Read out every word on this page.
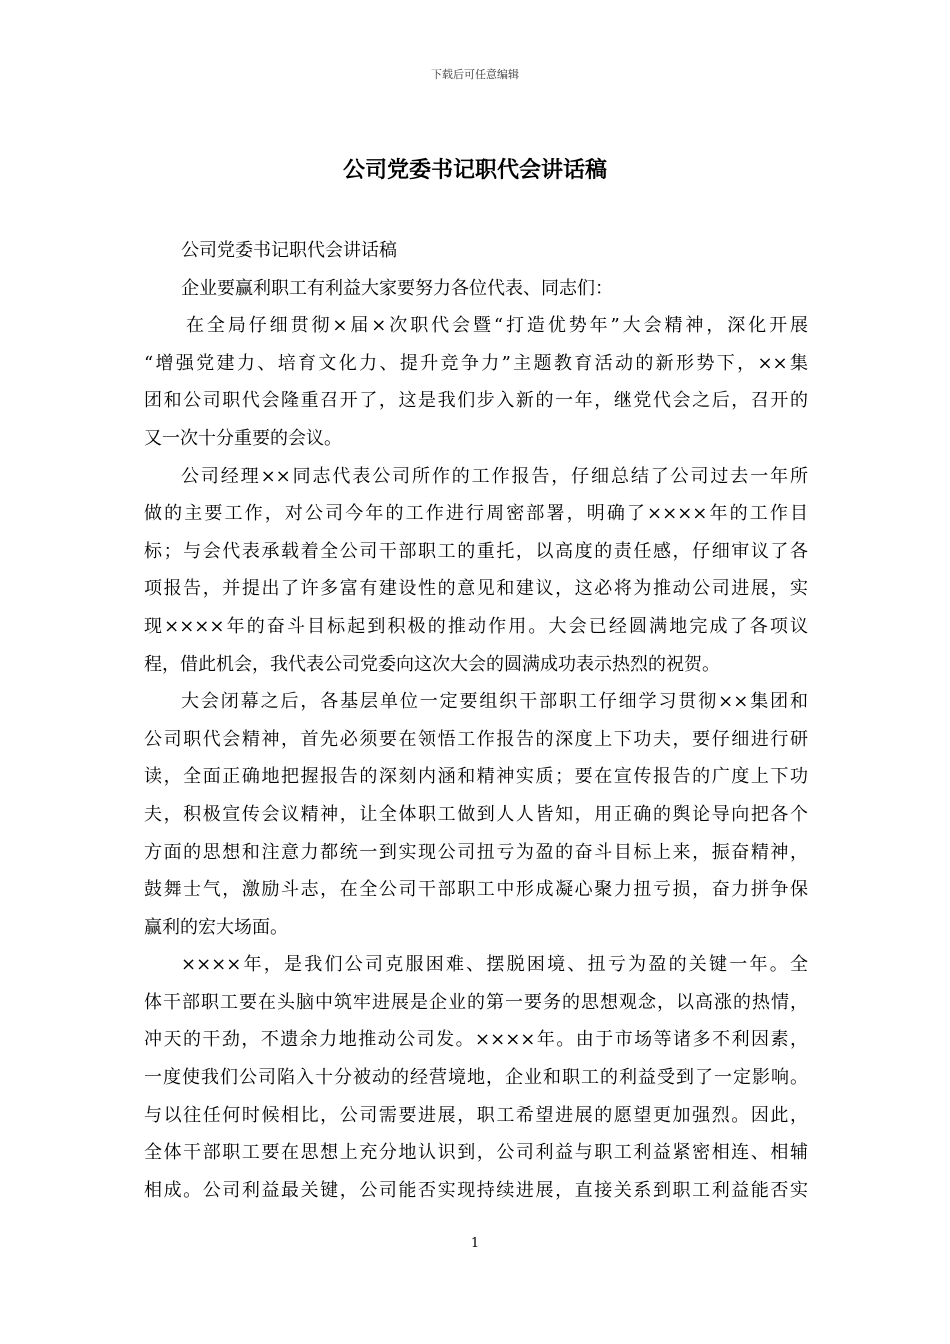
下载后可任意编辑
公司党委书记职代会讲话稿
公司党委书记职代会讲话稿
企业要赢利职工有利益大家要努力各位代表、同志们：
在全局仔细贯彻×届×次职代会暨“打造优势年”大会精神，深化开展
“增强党建力、培育文化力、提升竞争力”主题教育活动的新形势下，××集
团和公司职代会隆重召开了，这是我们步入新的一年，继党代会之后，召开的
又一次十分重要的会议。
公司经理××同志代表公司所作的工作报告，仔细总结了公司过去一年所
做的主要工作，对公司今年的工作进行周密部署，明确了××××年的工作目
标；与会代表承载着全公司干部职工的重托，以高度的责任感，仔细审议了各
项报告，并提出了许多富有建设性的意见和建议，这必将为推动公司进展，实
现××××年的奋斗目标起到积极的推动作用。大会已经圆满地完成了各项议
程，借此机会，我代表公司党委向这次大会的圆满成功表示热烈的祝贺。
大会闭幕之后，各基层单位一定要组织干部职工仔细学习贯彻××集团和
公司职代会精神，首先必须要在领悟工作报告的深度上下功夫，要仔细进行研
读，全面正确地把握报告的深刻内涵和精神实质；要在宣传报告的广度上下功
夫，积极宣传会议精神，让全体职工做到人人皆知，用正确的舆论导向把各个
方面的思想和注意力都统一到实现公司扭亏为盈的奋斗目标上来，振奋精神，
鼓舞士气，激励斗志，在全公司干部职工中形成凝心聚力扭亏损，奋力拼争保
赢利的宏大场面。
××××年，是我们公司克服困难、摆脱困境、扭亏为盈的关键一年。全
体干部职工要在头脑中筑牢进展是企业的第一要务的思想观念，以高涨的热情，
冲天的干劲，不遗余力地推动公司发。××××年。由于市场等诸多不利因素，
一度使我们公司陷入十分被动的经营境地，企业和职工的利益受到了一定影响。
与以往任何时候相比，公司需要进展，职工希望进展的愿望更加强烈。因此，
全体干部职工要在思想上充分地认识到，公司利益与职工利益紧密相连、相辅
相成。公司利益最关键，公司能否实现持续进展，直接关系到职工利益能否实
1
